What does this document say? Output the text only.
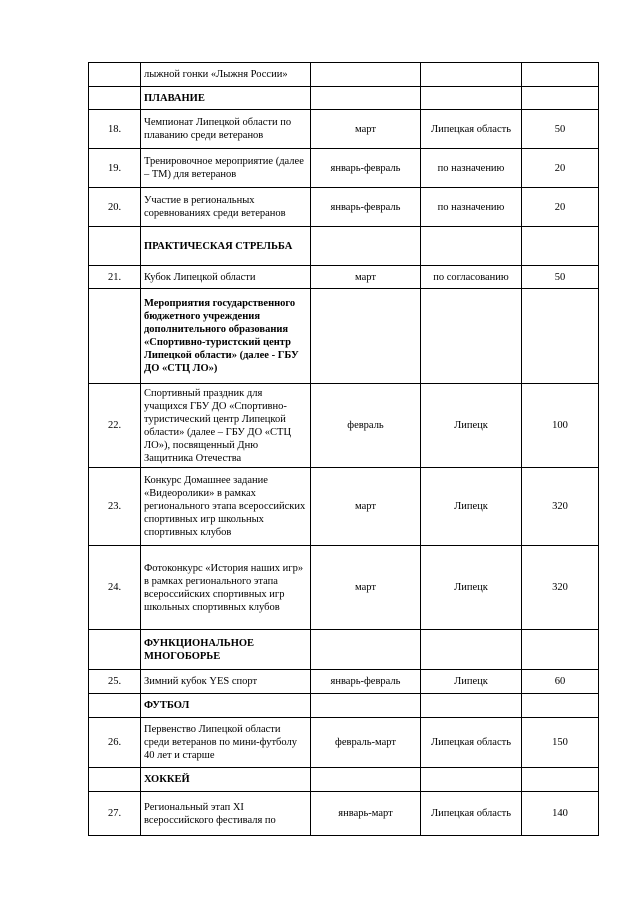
	лыжной гонки «Лыжня России»			
	ПЛАВАНИЕ			
18.	Чемпионат Липецкой области по плаванию среди ветеранов	март	Липецкая область	50
19.	Тренировочное мероприятие (далее – ТМ) для ветеранов	январь-февраль	по назначению	20
20.	Участие в региональных соревнованиях среди ветеранов	январь-февраль	по назначению	20
	ПРАКТИЧЕСКАЯ СТРЕЛЬБА			
21.	Кубок Липецкой области	март	по согласованию	50
	Мероприятия государственного бюджетного учреждения дополнительного образования «Спортивно-туристский центр Липецкой области» (далее - ГБУ ДО «СТЦ ЛО»)			
22.	Спортивный праздник для учащихся ГБУ ДО «Спортивно-туристический центр Липецкой области» (далее – ГБУ ДО «СТЦ ЛО»), посвященный Дню Защитника Отечества	февраль	Липецк	100
23.	Конкурс Домашнее задание «Видеоролики» в рамках регионального этапа всероссийских спортивных игр школьных спортивных клубов	март	Липецк	320
24.	Фотоконкурс «История наших игр» в рамках регионального этапа всероссийских спортивных игр школьных спортивных клубов	март	Липецк	320
	ФУНКЦИОНАЛЬНОЕ МНОГОБОРЬЕ			
25.	Зимний кубок YES спорт	январь-февраль	Липецк	60
	ФУТБОЛ			
26.	Первенство Липецкой области среди ветеранов по мини-футболу 40 лет и старше	февраль-март	Липецкая область	150
	ХОККЕЙ			
27.	Региональный этап XI всероссийского фестиваля по	январь-март	Липецкая область	140
